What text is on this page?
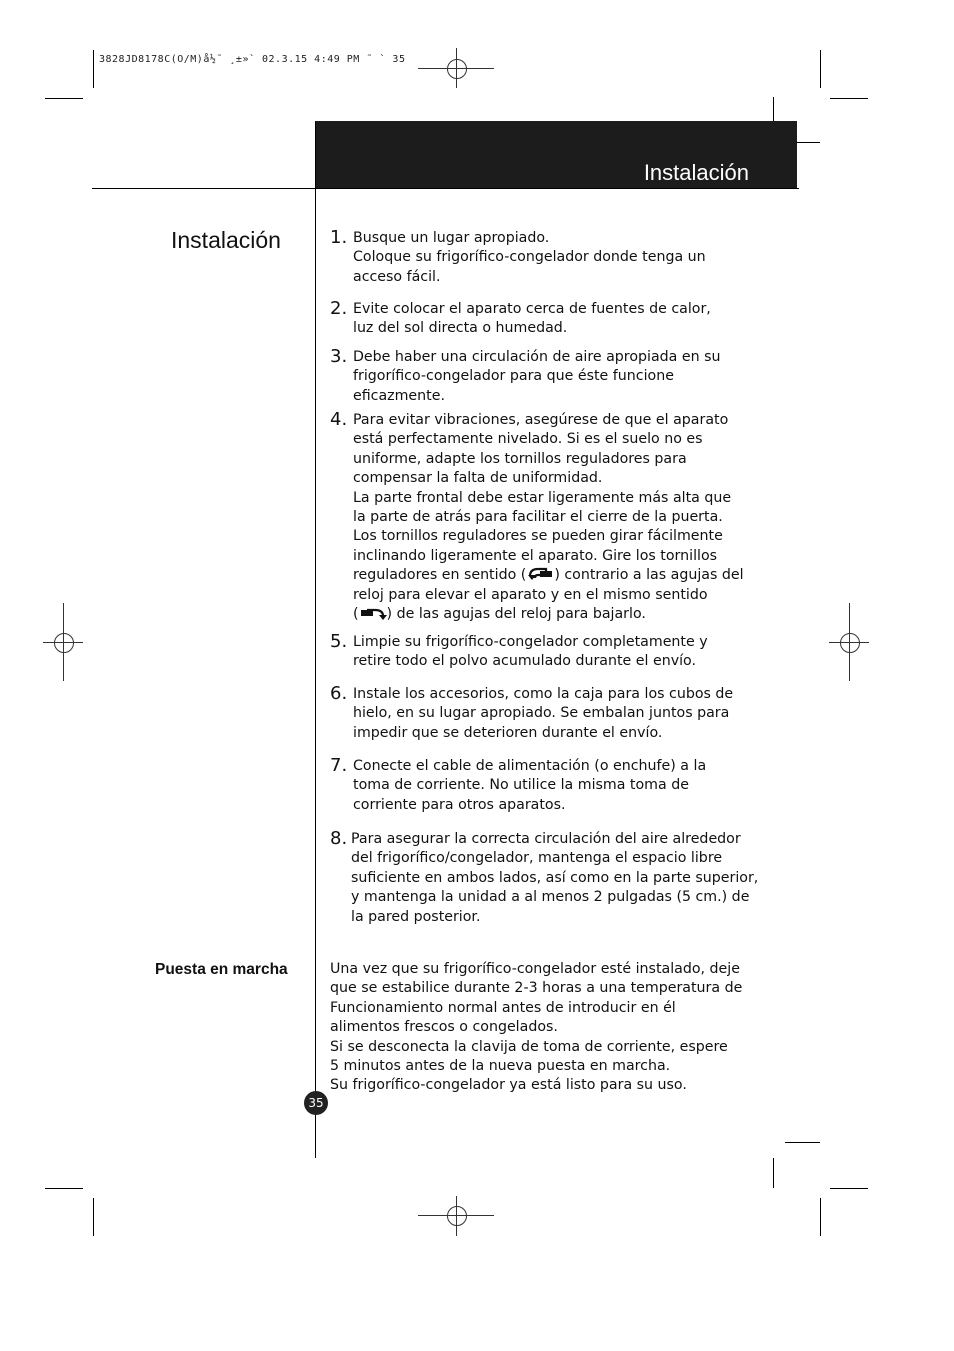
3828JD8178C(O/M)å½˜ ¸±»` 02.3.15 4:49 PM ˜ ` 35
Instalación
Instalación
Puesta en marcha
1. Busque un lugar apropiado.
Coloque su frigorífico-congelador donde tenga un
acceso fácil.
2. Evite colocar el aparato cerca de fuentes de calor,
luz del sol directa o humedad.
3. Debe haber una circulación de aire apropiada en su
frigorífico-congelador para que éste funcione
eficazmente.
4. Para evitar vibraciones, asegúrese de que el aparato
está perfectamente nivelado. Si es el suelo no es
uniforme, adapte los tornillos reguladores para
compensar la falta de uniformidad.
La parte frontal debe estar ligeramente más alta que
la parte de atrás para facilitar el cierre de la puerta.
Los tornillos reguladores se pueden girar fácilmente
inclinando ligeramente el aparato. Gire los tornillos
reguladores en sentido ( ) contrario a las agujas del
reloj para elevar el aparato y en el mismo sentido
( ) de las agujas del reloj para bajarlo.
5. Limpie su frigorífico-congelador completamente y
retire todo el polvo acumulado durante el envío.
6. Instale los accesorios, como la caja para los cubos de
hielo, en su lugar apropiado. Se embalan juntos para
impedir que se deterioren durante el envío.
7. Conecte el cable de alimentación (o enchufe) a la
toma de corriente. No utilice la misma toma de
corriente para otros aparatos.
8. Para asegurar la correcta circulación del aire alrededor
del frigorífico/congelador, mantenga el espacio libre
suficiente en ambos lados, así como en la parte superior,
y mantenga la unidad a al menos 2 pulgadas (5 cm.) de
la pared posterior.
Una vez que su frigorífico-congelador esté instalado, deje
que se estabilice durante 2-3 horas a una temperatura de
Funcionamiento normal antes de introducir en él
alimentos frescos o congelados.
Si se desconecta la clavija de toma de corriente, espere
5 minutos antes de la nueva puesta en marcha.
Su frigorífico-congelador ya está listo para su uso.
35
